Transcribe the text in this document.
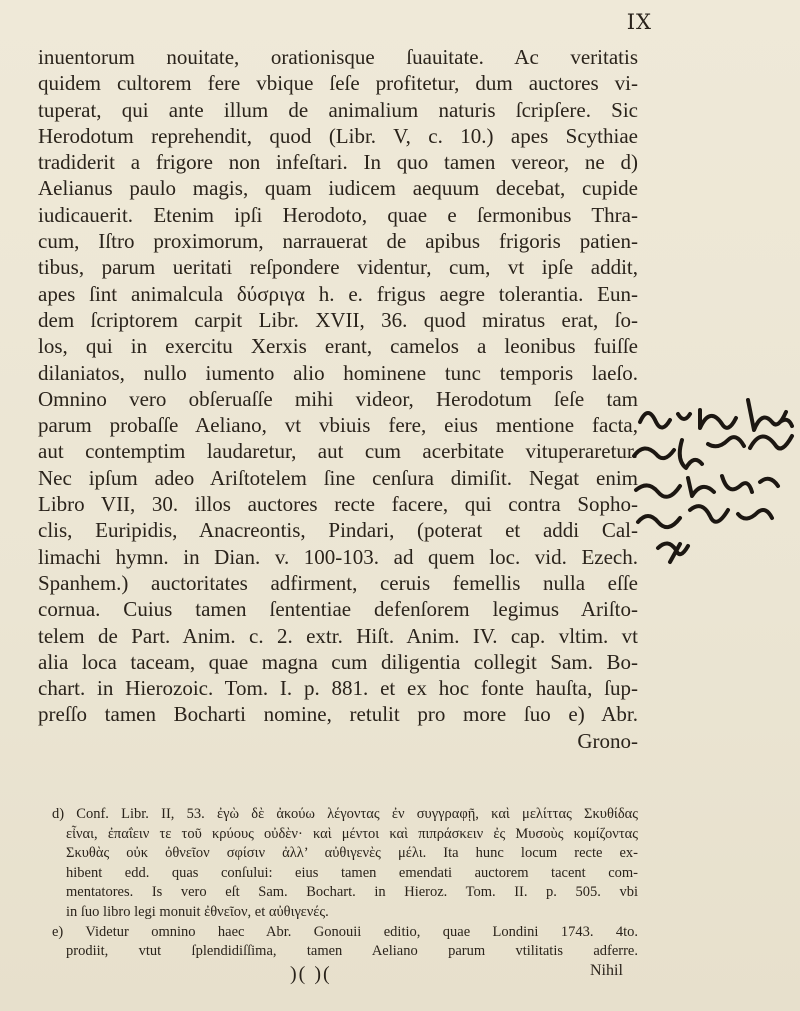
IX
inuentorum nouitate, orationisque ſuauitate. Ac veritatis
quidem cultorem fere vbique ſeſe profitetur, dum auctores vi-
tuperat, qui ante illum de animalium naturis ſcripſere. Sic
Herodotum reprehendit, quod (Libr. V, c. 10.) apes Scythiae
tradiderit a frigore non infeſtari. In quo tamen vereor, ne d)
Aelianus paulo magis, quam iudicem aequum decebat, cupide
iudicauerit. Etenim ipſi Herodoto, quae e ſermonibus Thra-
cum, Iſtro proximorum, narrauerat de apibus frigoris patien-
tibus, parum ueritati reſpondere videntur, cum, vt ipſe addit,
apes ſint animalcula δύσριγα h. e. frigus aegre tolerantia. Eun-
dem ſcriptorem carpit Libr. XVII, 36. quod miratus erat, ſo-
los, qui in exercitu Xerxis erant, camelos a leonibus fuiſſe
dilaniatos, nullo iumento alio hominene tunc temporis laeſo.
Omnino vero obſeruaſſe mihi videor, Herodotum ſeſe tam
parum probaſſe Aeliano, vt vbiuis fere, eius mentione facta,
aut contemptim laudaretur, aut cum acerbitate vituperaretur.
Nec ipſum adeo Ariſtotelem ſine cenſura dimiſit. Negat enim
Libro VII, 30. illos auctores recte facere, qui contra Sopho-
clis, Euripidis, Anacreontis, Pindari, (poterat et addi Cal-
limachi hymn. in Dian. v. 100-103. ad quem loc. vid. Ezech.
Spanhem.) auctoritates adfirment, ceruis femellis nulla eſſe
cornua. Cuius tamen ſententiae defenſorem legimus Ariſto-
telem de Part. Anim. c. 2. extr. Hiſt. Anim. IV. cap. vltim. vt
alia loca taceam, quae magna cum diligentia collegit Sam. Bo-
chart. in Hierozoic. Tom. I. p. 881. et ex hoc fonte hauſta, ſup-
preſſo tamen Bocharti nomine, retulit pro more ſuo e) Abr.
Grono-
d) Conf. Libr. II, 53. ἐγὼ δὲ ἀκούω λέγοντας ἐν συγγραφῇ, καὶ μελίττας Σκυθίδας
εἶναι, ἐπαΐειν τε τοῦ κρύους οὐδὲν· καὶ μέντοι καὶ πιπράσκειν ἐς Μυσοὺς κομίζοντας
Σκυθὰς οὐκ ὀθνεῖον σφίσιν ἀλλ’ αὐθιγενὲς μέλι. Ita hunc locum recte ex-
hibent edd. quas conſului: eius tamen emendati auctorem tacent com-
mentatores. Is vero eſt Sam. Bochart. in Hieroz. Tom. II. p. 505. vbi
in ſuo libro legi monuit ἐθνεῖον, et αὐθιγενές.
e) Videtur omnino haec Abr. Gonouii editio, quae Londini 1743. 4to.
prodiit, vtut ſplendidiſſima, tamen Aeliano parum vtilitatis adferre.
)( )(	Nihil
